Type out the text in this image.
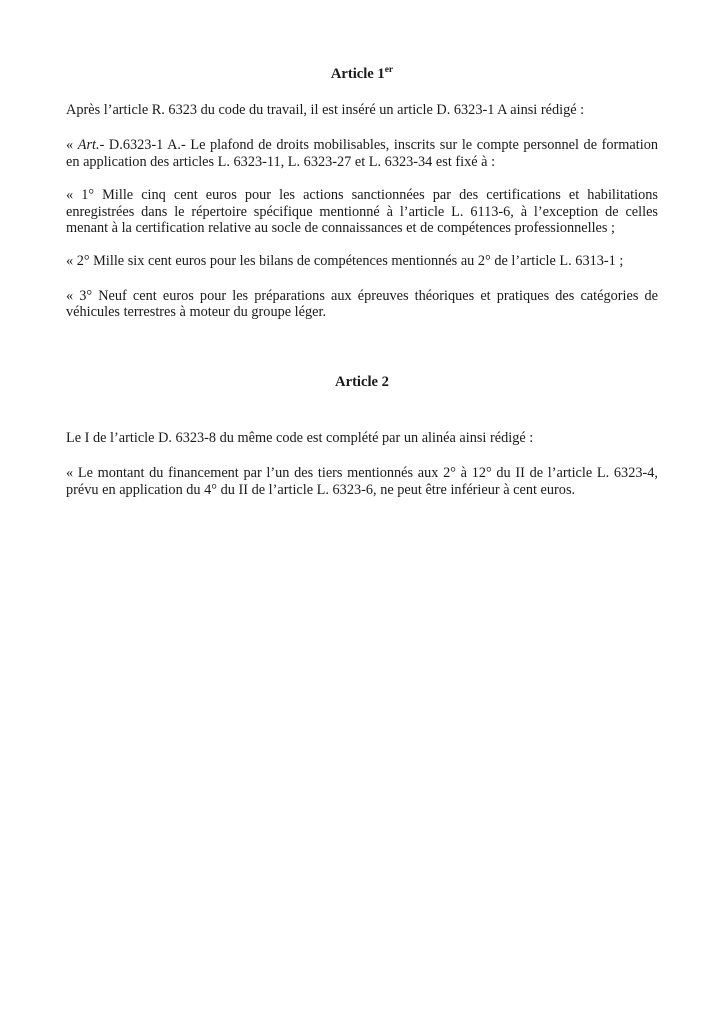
Article 1er

Après l’article R. 6323 du code du travail, il est inséré un article D. 6323-1 A ainsi rédigé :

« Art.- D.6323-1 A.- Le plafond de droits mobilisables, inscrits sur le compte personnel de formation en application des articles L. 6323-11, L. 6323-27 et L. 6323-34 est fixé à :

« 1° Mille cinq cent euros pour les actions sanctionnées par des certifications et habilitations enregistrées dans le répertoire spécifique mentionné à l’article L. 6113-6, à l’exception de celles menant à la certification relative au socle de connaissances et de compétences professionnelles ;

« 2° Mille six cent euros pour les bilans de compétences mentionnés au 2° de l’article L. 6313-1 ;

« 3° Neuf cent euros pour les préparations aux épreuves théoriques et pratiques des catégories de véhicules terrestres à moteur du groupe léger.

Article 2

Le I de l’article D. 6323-8 du même code est complété par un alinéa ainsi rédigé :

« Le montant du financement par l’un des tiers mentionnés aux 2° à 12° du II de l’article L. 6323-4, prévu en application du 4° du II de l’article L. 6323-6, ne peut être inférieur à cent euros.
